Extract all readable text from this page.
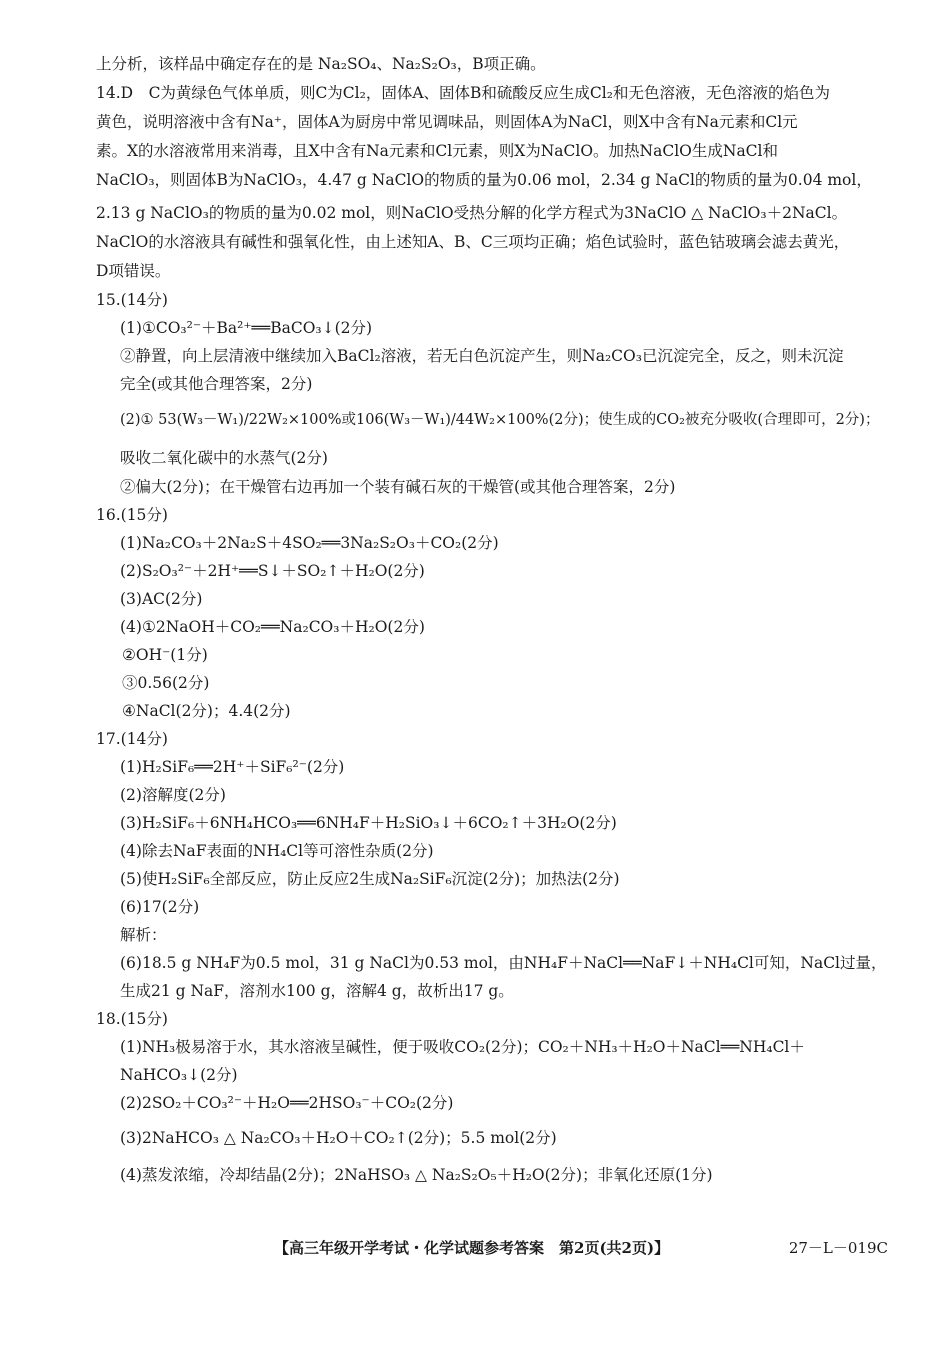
上分析，该样品中确定存在的是 Na₂SO₄、Na₂S₂O₃，B项正确。
14.D　C为黄绿色气体单质，则C为Cl₂，固体A、固体B和硫酸反应生成Cl₂和无色溶液，无色溶液的焰色为
黄色，说明溶液中含有Na⁺，固体A为厨房中常见调味品，则固体A为NaCl，则X中含有Na元素和Cl元
素。X的水溶液常用来消毒，且X中含有Na元素和Cl元素，则X为NaClO。加热NaClO生成NaCl和
NaClO₃，则固体B为NaClO₃，4.47 g NaClO的物质的量为0.06 mol，2.34 g NaCl的物质的量为0.04 mol，
2.13 g NaClO₃的物质的量为0.02 mol，则NaClO受热分解的化学方程式为3NaClO △ NaClO₃＋2NaCl。
NaClO的水溶液具有碱性和强氧化性，由上述知A、B、C三项均正确；焰色试验时，蓝色钴玻璃会滤去黄光，
D项错误。
15.(14分)
(1)①CO₃²⁻＋Ba²⁺══BaCO₃↓(2分)
②静置，向上层清液中继续加入BaCl₂溶液，若无白色沉淀产生，则Na₂CO₃已沉淀完全，反之，则未沉淀
完全(或其他合理答案，2分)
(2)① 53(W₃－W₁)/22W₂×100%或106(W₃－W₁)/44W₂×100%(2分)；使生成的CO₂被充分吸收(合理即可，2分)；
吸收二氧化碳中的水蒸气(2分)
②偏大(2分)；在干燥管右边再加一个装有碱石灰的干燥管(或其他合理答案，2分)
16.(15分)
(1)Na₂CO₃＋2Na₂S＋4SO₂══3Na₂S₂O₃＋CO₂(2分)
(2)S₂O₃²⁻＋2H⁺══S↓＋SO₂↑＋H₂O(2分)
(3)AC(2分)
(4)①2NaOH＋CO₂══Na₂CO₃＋H₂O(2分)
②OH⁻(1分)
③0.56(2分)
④NaCl(2分)；4.4(2分)
17.(14分)
(1)H₂SiF₆══2H⁺＋SiF₆²⁻(2分)
(2)溶解度(2分)
(3)H₂SiF₆＋6NH₄HCO₃══6NH₄F＋H₂SiO₃↓＋6CO₂↑＋3H₂O(2分)
(4)除去NaF表面的NH₄Cl等可溶性杂质(2分)
(5)使H₂SiF₆全部反应，防止反应2生成Na₂SiF₆沉淀(2分)；加热法(2分)
(6)17(2分)
解析：
(6)18.5 g NH₄F为0.5 mol，31 g NaCl为0.53 mol，由NH₄F＋NaCl══NaF↓＋NH₄Cl可知，NaCl过量，
生成21 g NaF，溶剂水100 g，溶解4 g，故析出17 g。
18.(15分)
(1)NH₃极易溶于水，其水溶液呈碱性，便于吸收CO₂(2分)；CO₂＋NH₃＋H₂O＋NaCl══NH₄Cl＋
NaHCO₃↓(2分)
(2)2SO₂＋CO₃²⁻＋H₂O══2HSO₃⁻＋CO₂(2分)
(3)2NaHCO₃ △ Na₂CO₃＋H₂O＋CO₂↑(2分)；5.5 mol(2分)
(4)蒸发浓缩，冷却结晶(2分)；2NaHSO₃ △ Na₂S₂O₅＋H₂O(2分)；非氧化还原(1分)
【高三年级开学考试・化学试题参考答案　第2页(共2页)】	27－L－019C
